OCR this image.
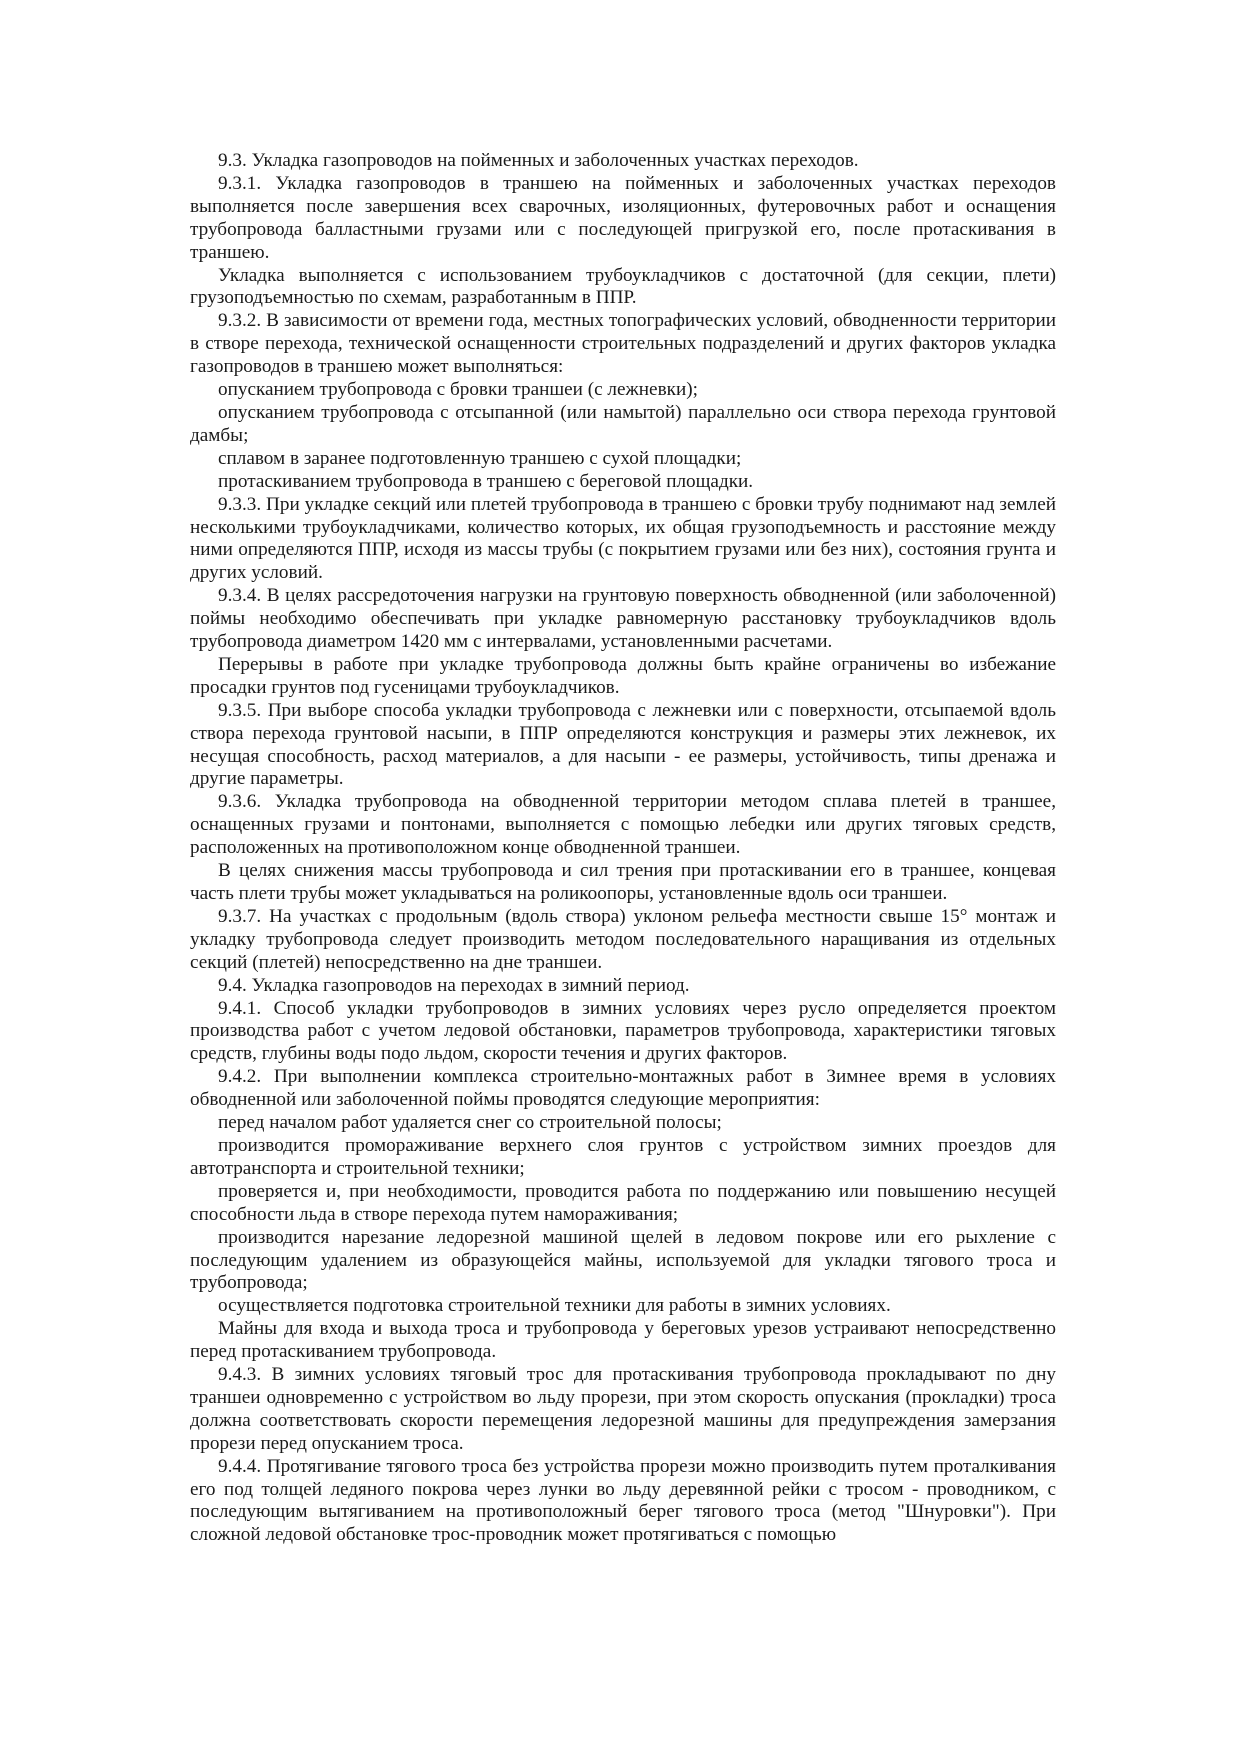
9.3. Укладка газопроводов на пойменных и заболоченных участках переходов.

9.3.1. Укладка газопроводов в траншею на пойменных и заболоченных участках переходов выполняется после завершения всех сварочных, изоляционных, футеровочных работ и оснащения трубопровода балластными грузами или с последующей пригрузкой его, после протаскивания в траншею.

Укладка выполняется с использованием трубоукладчиков с достаточной (для секции, плети) грузоподъемностью по схемам, разработанным в ППР.

9.3.2. В зависимости от времени года, местных топографических условий, обводненности территории в створе перехода, технической оснащенности строительных подразделений и других факторов укладка газопроводов в траншею может выполняться:

опусканием трубопровода с бровки траншеи (с лежневки);

опусканием трубопровода с отсыпанной (или намытой) параллельно оси створа перехода грунтовой дамбы;

сплавом в заранее подготовленную траншею с сухой площадки;

протаскиванием трубопровода в траншею с береговой площадки.

9.3.3. При укладке секций или плетей трубопровода в траншею с бровки трубу поднимают над землей несколькими трубоукладчиками, количество которых, их общая грузоподъемность и расстояние между ними определяются ППР, исходя из массы трубы (с покрытием грузами или без них), состояния грунта и других условий.

9.3.4. В целях рассредоточения нагрузки на грунтовую поверхность обводненной (или заболоченной) поймы необходимо обеспечивать при укладке равномерную расстановку трубоукладчиков вдоль трубопровода диаметром 1420 мм с интервалами, установленными расчетами.

Перерывы в работе при укладке трубопровода должны быть крайне ограничены во избежание просадки грунтов под гусеницами трубоукладчиков.

9.3.5. При выборе способа укладки трубопровода с лежневки или с поверхности, отсыпаемой вдоль створа перехода грунтовой насыпи, в ППР определяются конструкция и размеры этих лежневок, их несущая способность, расход материалов, а для насыпи - ее размеры, устойчивость, типы дренажа и другие параметры.

9.3.6. Укладка трубопровода на обводненной территории методом сплава плетей в траншее, оснащенных грузами и понтонами, выполняется с помощью лебедки или других тяговых средств, расположенных на противоположном конце обводненной траншеи.

В целях снижения массы трубопровода и сил трения при протаскивании его в траншее, концевая часть плети трубы может укладываться на роликоопоры, установленные вдоль оси траншеи.

9.3.7. На участках с продольным (вдоль створа) уклоном рельефа местности свыше 15° монтаж и укладку трубопровода следует производить методом последовательного наращивания из отдельных секций (плетей) непосредственно на дне траншеи.

9.4. Укладка газопроводов на переходах в зимний период.

9.4.1. Способ укладки трубопроводов в зимних условиях через русло определяется проектом производства работ с учетом ледовой обстановки, параметров трубопровода, характеристики тяговых средств, глубины воды подо льдом, скорости течения и других факторов.

9.4.2. При выполнении комплекса строительно-монтажных работ в Зимнее время в условиях обводненной или заболоченной поймы проводятся следующие мероприятия:

перед началом работ удаляется снег со строительной полосы;

производится промораживание верхнего слоя грунтов с устройством зимних проездов для автотранспорта и строительной техники;

проверяется и, при необходимости, проводится работа по поддержанию или повышению несущей способности льда в створе перехода путем намораживания;

производится нарезание ледорезной машиной щелей в ледовом покрове или его рыхление с последующим удалением из образующейся майны, используемой для укладки тягового троса и трубопровода;

осуществляется подготовка строительной техники для работы в зимних условиях.

Майны для входа и выхода троса и трубопровода у береговых урезов устраивают непосредственно перед протаскиванием трубопровода.

9.4.3. В зимних условиях тяговый трос для протаскивания трубопровода прокладывают по дну траншеи одновременно с устройством во льду прорези, при этом скорость опускания (прокладки) троса должна соответствовать скорости перемещения ледорезной машины для предупреждения замерзания прорези перед опусканием троса.

9.4.4. Протягивание тягового троса без устройства прорези можно производить путем проталкивания его под толщей ледяного покрова через лунки во льду деревянной рейки с тросом - проводником, с последующим вытягиванием на противоположный берег тягового троса (метод "Шнуровки"). При сложной ледовой обстановке трос-проводник может протягиваться с помощью
